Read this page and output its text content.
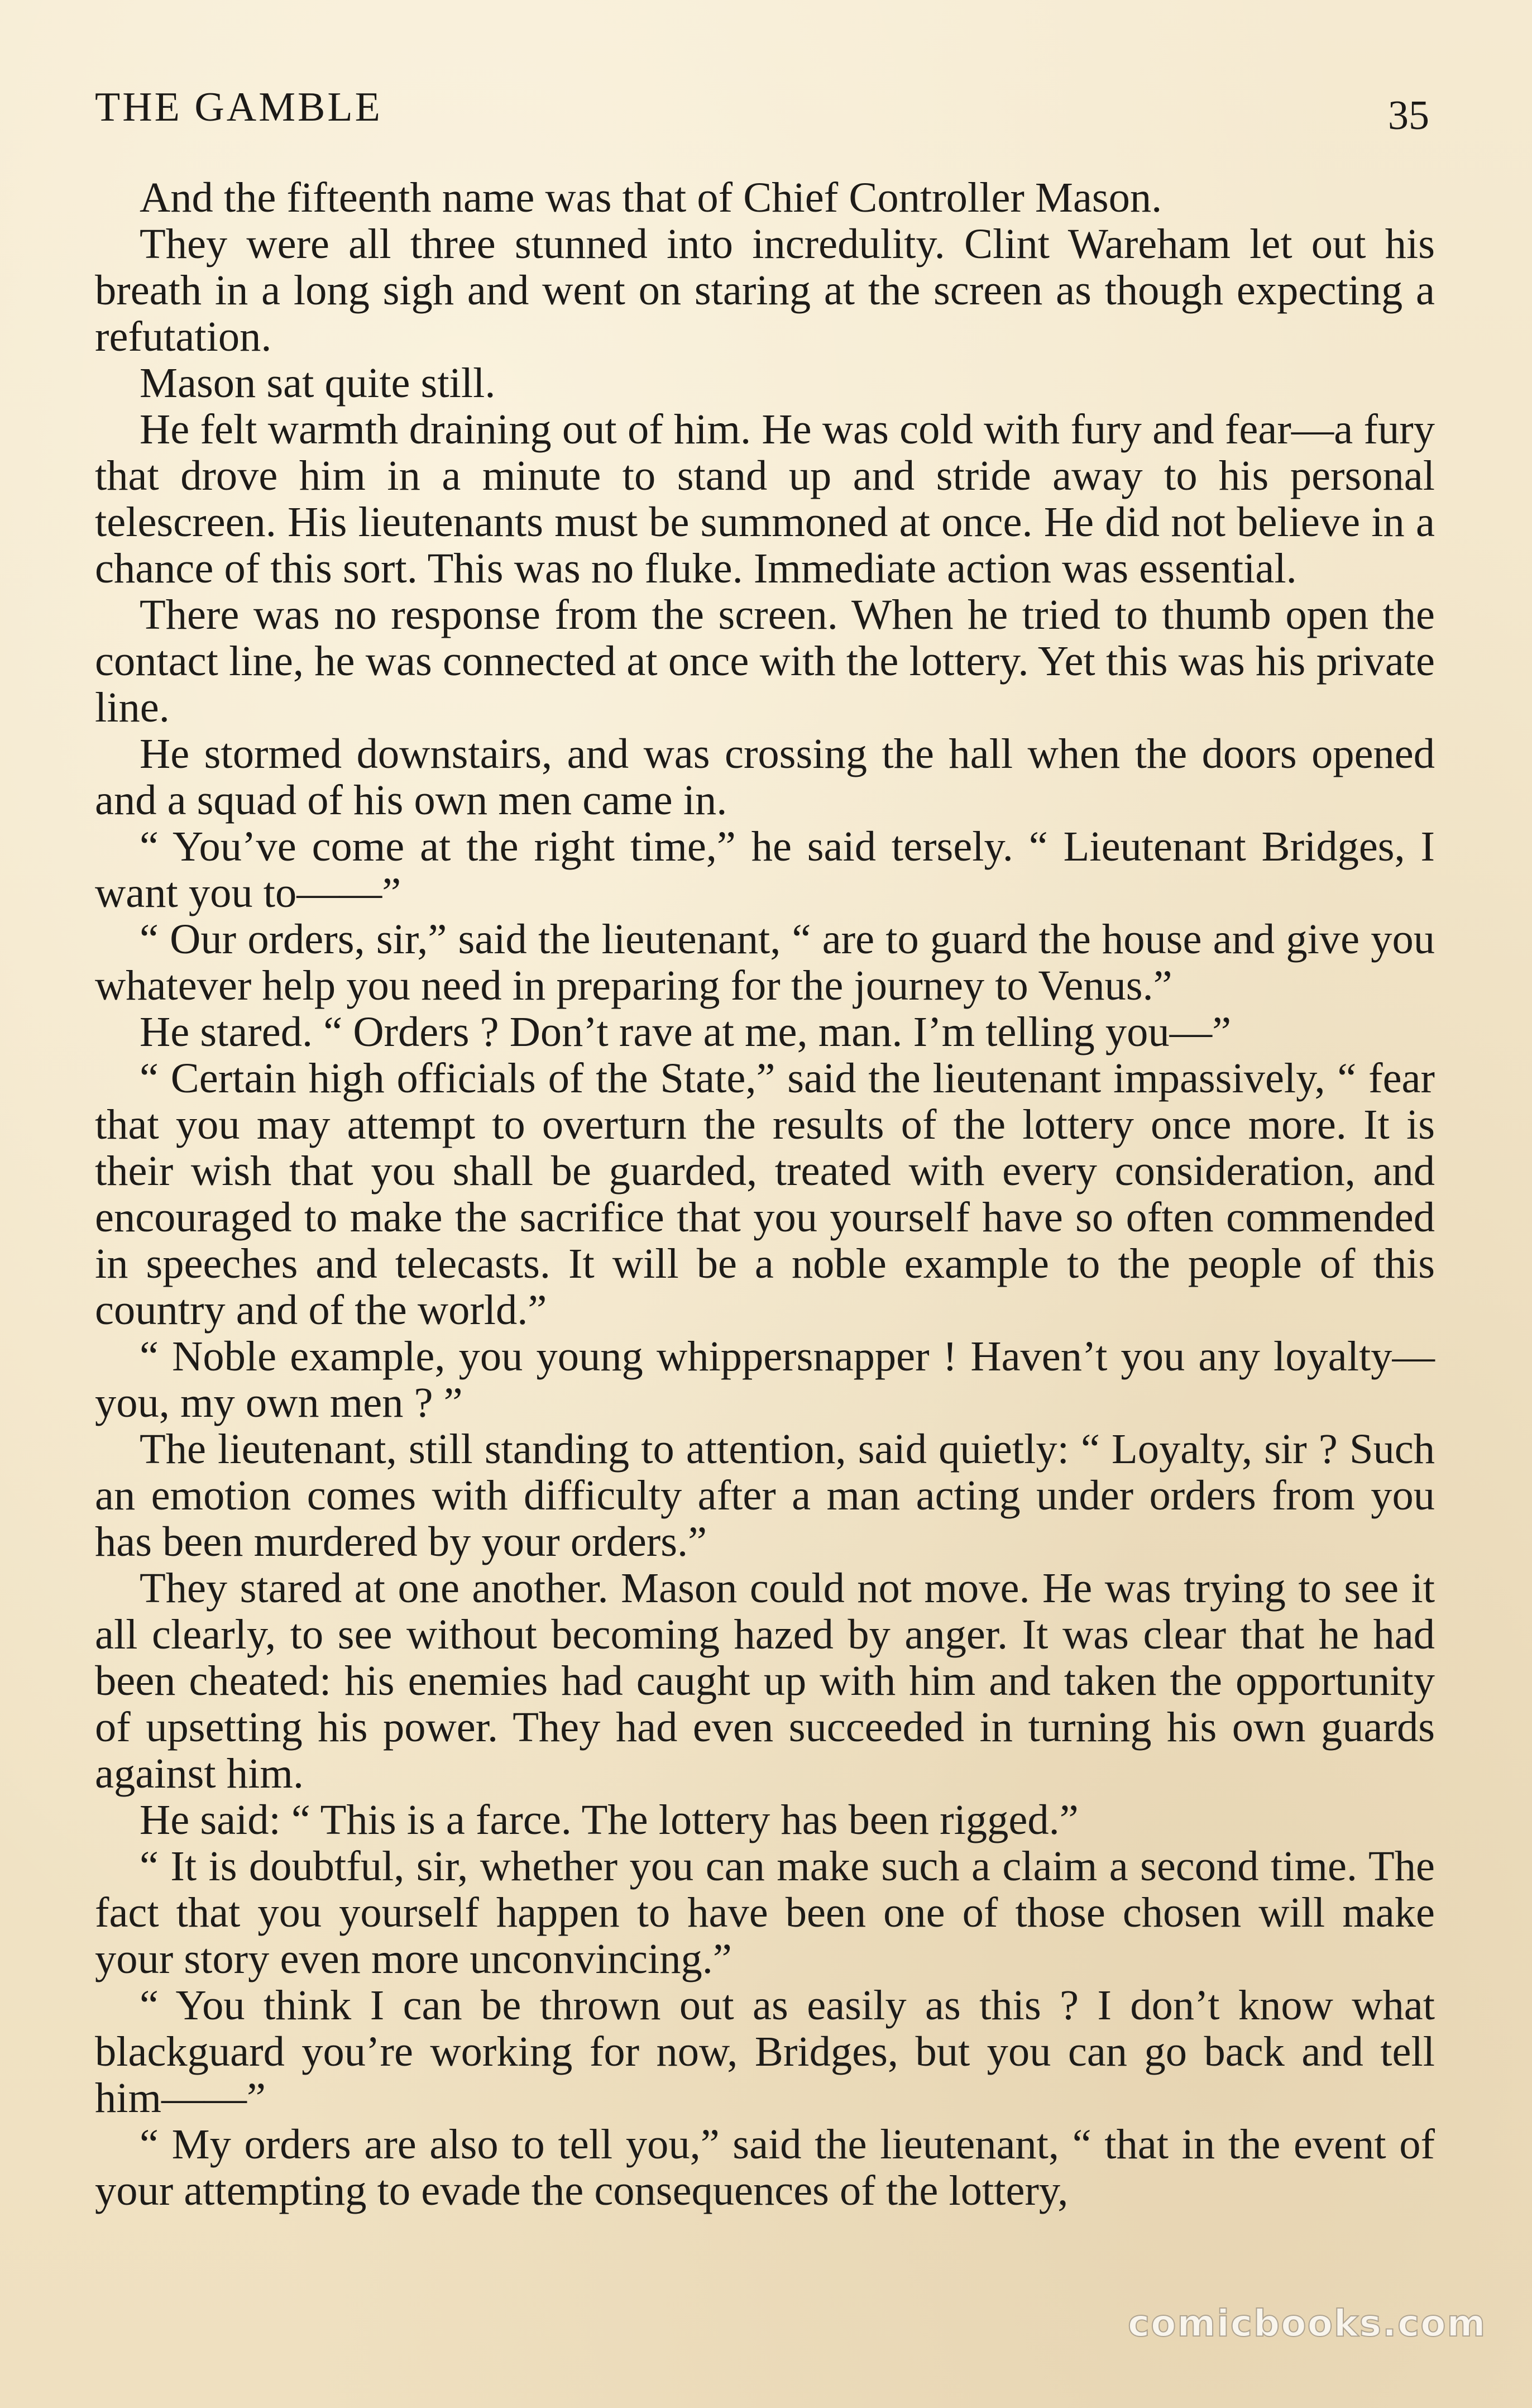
THE GAMBLE	35

And the fifteenth name was that of Chief Controller Mason.

They were all three stunned into incredulity. Clint Wareham let out his breath in a long sigh and went on staring at the screen as though expecting a refutation.

Mason sat quite still.

He felt warmth draining out of him. He was cold with fury and fear—a fury that drove him in a minute to stand up and stride away to his personal telescreen. His lieutenants must be summoned at once. He did not believe in a chance of this sort. This was no fluke. Immediate action was essential.

There was no response from the screen. When he tried to thumb open the contact line, he was connected at once with the lottery. Yet this was his private line.

He stormed downstairs, and was crossing the hall when the doors opened and a squad of his own men came in.

“ You’ve come at the right time,” he said tersely. “ Lieutenant Bridges, I want you to——”

“ Our orders, sir,” said the lieutenant, “ are to guard the house and give you whatever help you need in preparing for the journey to Venus.”

He stared. “ Orders ? Don’t rave at me, man. I’m telling you—”

“ Certain high officials of the State,” said the lieutenant impassively, “ fear that you may attempt to overturn the results of the lottery once more. It is their wish that you shall be guarded, treated with every consideration, and encouraged to make the sacrifice that you yourself have so often commended in speeches and telecasts. It will be a noble example to the people of this country and of the world.”

“ Noble example, you young whippersnapper ! Haven’t you any loyalty—you, my own men ? ”

The lieutenant, still standing to attention, said quietly: “ Loyalty, sir ? Such an emotion comes with difficulty after a man acting under orders from you has been murdered by your orders.”

They stared at one another. Mason could not move. He was trying to see it all clearly, to see without becoming hazed by anger. It was clear that he had been cheated: his enemies had caught up with him and taken the opportunity of upsetting his power. They had even succeeded in turning his own guards against him.

He said: “ This is a farce. The lottery has been rigged.”

“ It is doubtful, sir, whether you can make such a claim a second time. The fact that you yourself happen to have been one of those chosen will make your story even more unconvincing.”

“ You think I can be thrown out as easily as this ? I don’t know what blackguard you’re working for now, Bridges, but you can go back and tell him——”

“ My orders are also to tell you,” said the lieutenant, “ that in the event of your attempting to evade the consequences of the lottery,

comicbooks.com
